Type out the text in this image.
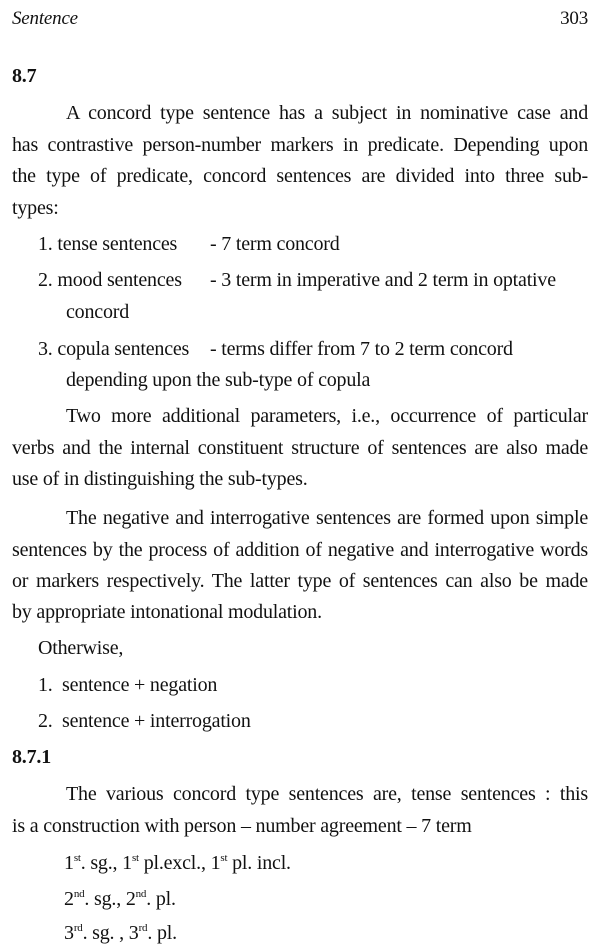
Sentence	303
8.7
A concord type sentence has a subject in nominative case and
has contrastive person-number markers in predicate. Depending upon
the type of predicate, concord sentences are divided into three sub-
types:
1. tense sentences - 7 term concord
2. mood sentences - 3 term in imperative and 2 term in optative
concord
3. copula sentences - terms differ from 7 to 2 term concord
depending upon the sub-type of copula
Two more additional parameters, i.e., occurrence of particular
verbs and the internal constituent structure of sentences are also made
use of in distinguishing the sub-types.
The negative and interrogative sentences are formed upon simple
sentences by the process of addition of negative and interrogative words
or markers respectively. The latter type of sentences can also be made
by appropriate intonational modulation.
Otherwise,
1. sentence + negation
2. sentence + interrogation
8.7.1
The various concord type sentences are, tense sentences : this
is a construction with person – number agreement – 7 term
1st. sg., 1st pl.excl., 1st pl. incl.
2nd. sg., 2nd. pl.
3rd. sg. , 3rd. pl.
